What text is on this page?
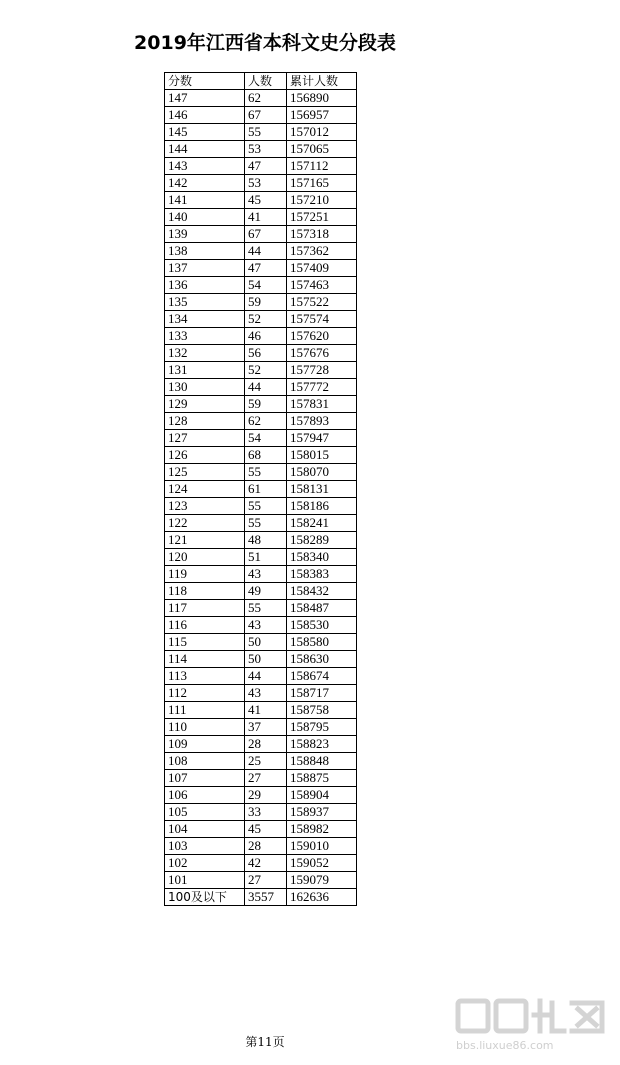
2019年江西省本科文史分段表
分数	人数	累计人数
147	62	156890
146	67	156957
145	55	157012
144	53	157065
143	47	157112
142	53	157165
141	45	157210
140	41	157251
139	67	157318
138	44	157362
137	47	157409
136	54	157463
135	59	157522
134	52	157574
133	46	157620
132	56	157676
131	52	157728
130	44	157772
129	59	157831
128	62	157893
127	54	157947
126	68	158015
125	55	158070
124	61	158131
123	55	158186
122	55	158241
121	48	158289
120	51	158340
119	43	158383
118	49	158432
117	55	158487
116	43	158530
115	50	158580
114	50	158630
113	44	158674
112	43	158717
111	41	158758
110	37	158795
109	28	158823
108	25	158848
107	27	158875
106	29	158904
105	33	158937
104	45	158982
103	28	159010
102	42	159052
101	27	159079
100及以下	3557	162636
第11页	bbs.liuxue86.com
